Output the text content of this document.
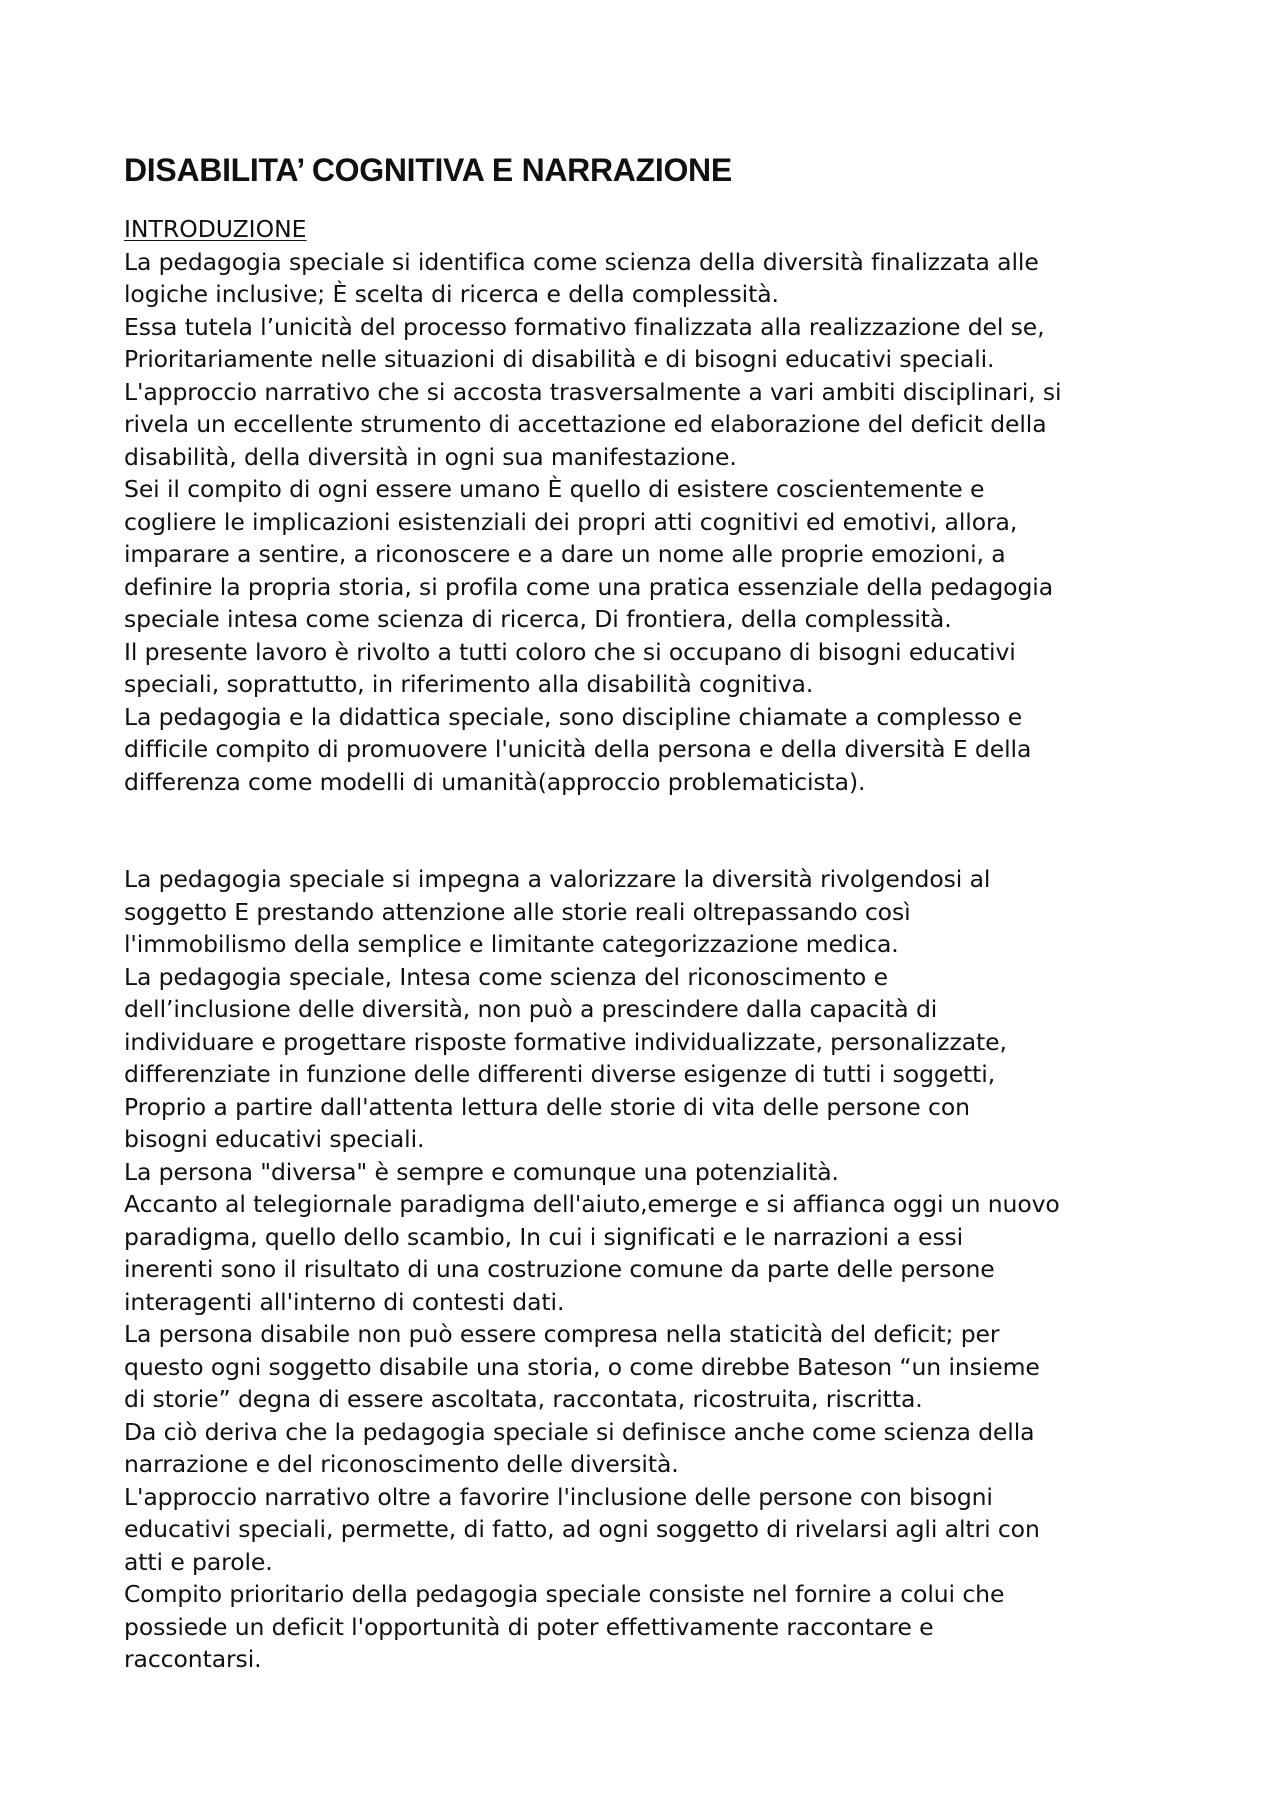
DISABILITA’ COGNITIVA E NARRAZIONE
INTRODUZIONE
La pedagogia speciale si identifica come scienza della diversità finalizzata alle
logiche inclusive; È scelta di ricerca e della complessità.
Essa tutela l’unicità del processo formativo finalizzata alla realizzazione del se,
Prioritariamente nelle situazioni di disabilità e di bisogni educativi speciali.
L'approccio narrativo che si accosta trasversalmente a vari ambiti disciplinari, si
rivela un eccellente strumento di accettazione ed elaborazione del deficit della
disabilità, della diversità in ogni sua manifestazione.
Sei il compito di ogni essere umano È quello di esistere coscientemente e
cogliere le implicazioni esistenziali dei propri atti cognitivi ed emotivi, allora,
imparare a sentire, a riconoscere e a dare un nome alle proprie emozioni, a
definire la propria storia, si profila come una pratica essenziale della pedagogia
speciale intesa come scienza di ricerca, Di frontiera, della complessità.
Il presente lavoro è rivolto a tutti coloro che si occupano di bisogni educativi
speciali, soprattutto, in riferimento alla disabilità cognitiva.
La pedagogia e la didattica speciale, sono discipline chiamate a complesso e
difficile compito di promuovere l'unicità della persona e della diversità E della
differenza come modelli di umanità(approccio problematicista).
La pedagogia speciale si impegna a valorizzare la diversità rivolgendosi al
soggetto E prestando attenzione alle storie reali oltrepassando così
l'immobilismo della semplice e limitante categorizzazione medica.
La pedagogia speciale, Intesa come scienza del riconoscimento e
dell’inclusione delle diversità, non può a prescindere dalla capacità di
individuare e progettare risposte formative individualizzate, personalizzate,
differenziate in funzione delle differenti diverse esigenze di tutti i soggetti,
Proprio a partire dall'attenta lettura delle storie di vita delle persone con
bisogni educativi speciali.
La persona "diversa" è sempre e comunque una potenzialità.
Accanto al telegiornale paradigma dell'aiuto,emerge e si affianca oggi un nuovo
paradigma, quello dello scambio, In cui i significati e le narrazioni a essi
inerenti sono il risultato di una costruzione comune da parte delle persone
interagenti all'interno di contesti dati.
La persona disabile non può essere compresa nella staticità del deficit; per
questo ogni soggetto disabile una storia, o come direbbe Bateson “un insieme
di storie” degna di essere ascoltata, raccontata, ricostruita, riscritta.
Da ciò deriva che la pedagogia speciale si definisce anche come scienza della
narrazione e del riconoscimento delle diversità.
L'approccio narrativo oltre a favorire l'inclusione delle persone con bisogni
educativi speciali, permette, di fatto, ad ogni soggetto di rivelarsi agli altri con
atti e parole.
Compito prioritario della pedagogia speciale consiste nel fornire a colui che
possiede un deficit l'opportunità di poter effettivamente raccontare e
raccontarsi.
